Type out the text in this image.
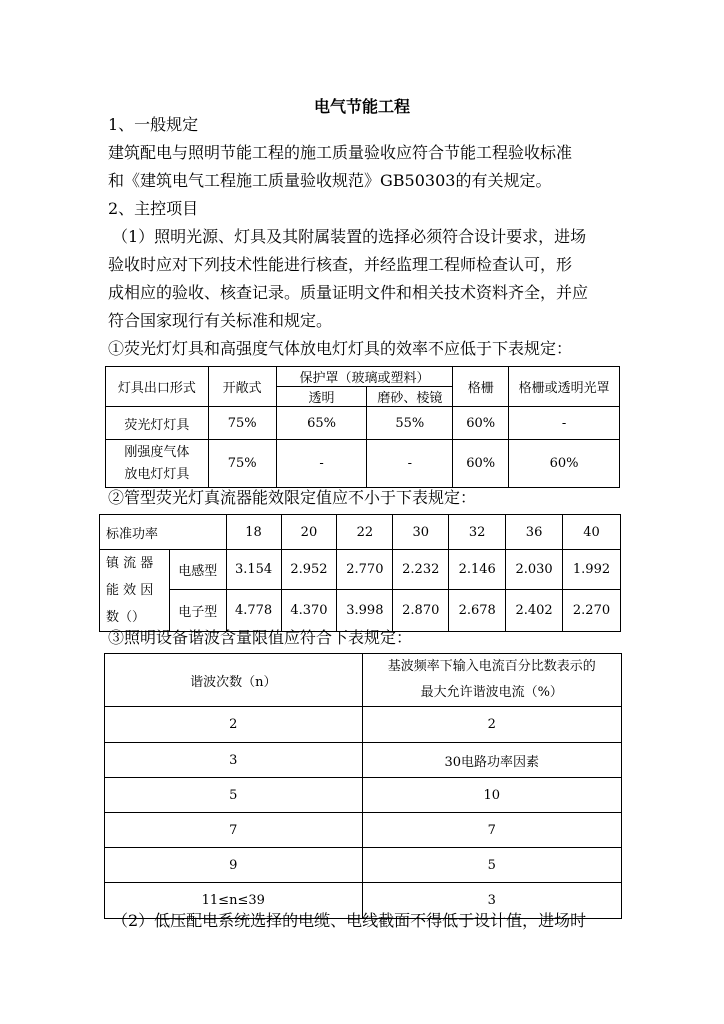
电气节能工程
1、一般规定
建筑配电与照明节能工程的施工质量验收应符合节能工程验收标准
和《建筑电气工程施工质量验收规范》GB50303的有关规定。
2、主控项目
（1）照明光源、灯具及其附属装置的选择必须符合设计要求，进场
验收时应对下列技术性能进行核查，并经监理工程师检查认可，形
成相应的验收、核查记录。质量证明文件和相关技术资料齐全，并应
符合国家现行有关标准和规定。
①荧光灯灯具和高强度气体放电灯灯具的效率不应低于下表规定：
灯具出口形式	开敞式	保护罩（玻璃或塑料）		格栅	格栅或透明光罩
		透明	磨砂、棱镜		
荧光灯灯具	75%	65%	55%	60%	-
刚强度气体
放电灯灯具	75%	-	-	60%	60%
②管型荧光灯真流器能效限定值应不小于下表规定：
标准功率		18	20	22	30	32	36	40
镇 流 器
能 效 因
数（）	电感型	3.154	2.952	2.770	2.232	2.146	2.030	1.992
	电子型	4.778	4.370	3.998	2.870	2.678	2.402	2.270
③照明设备谐波含量限值应符合下表规定：
谐波次数（n）	基波频率下输入电流百分比数表示的
最大允许谐波电流（%）
2	2
3	30电路功率因素
5	10
7	7
9	5
11≤n≤39	3
（2）低压配电系统选择的电缆、电线截面不得低于设计值，进场时
